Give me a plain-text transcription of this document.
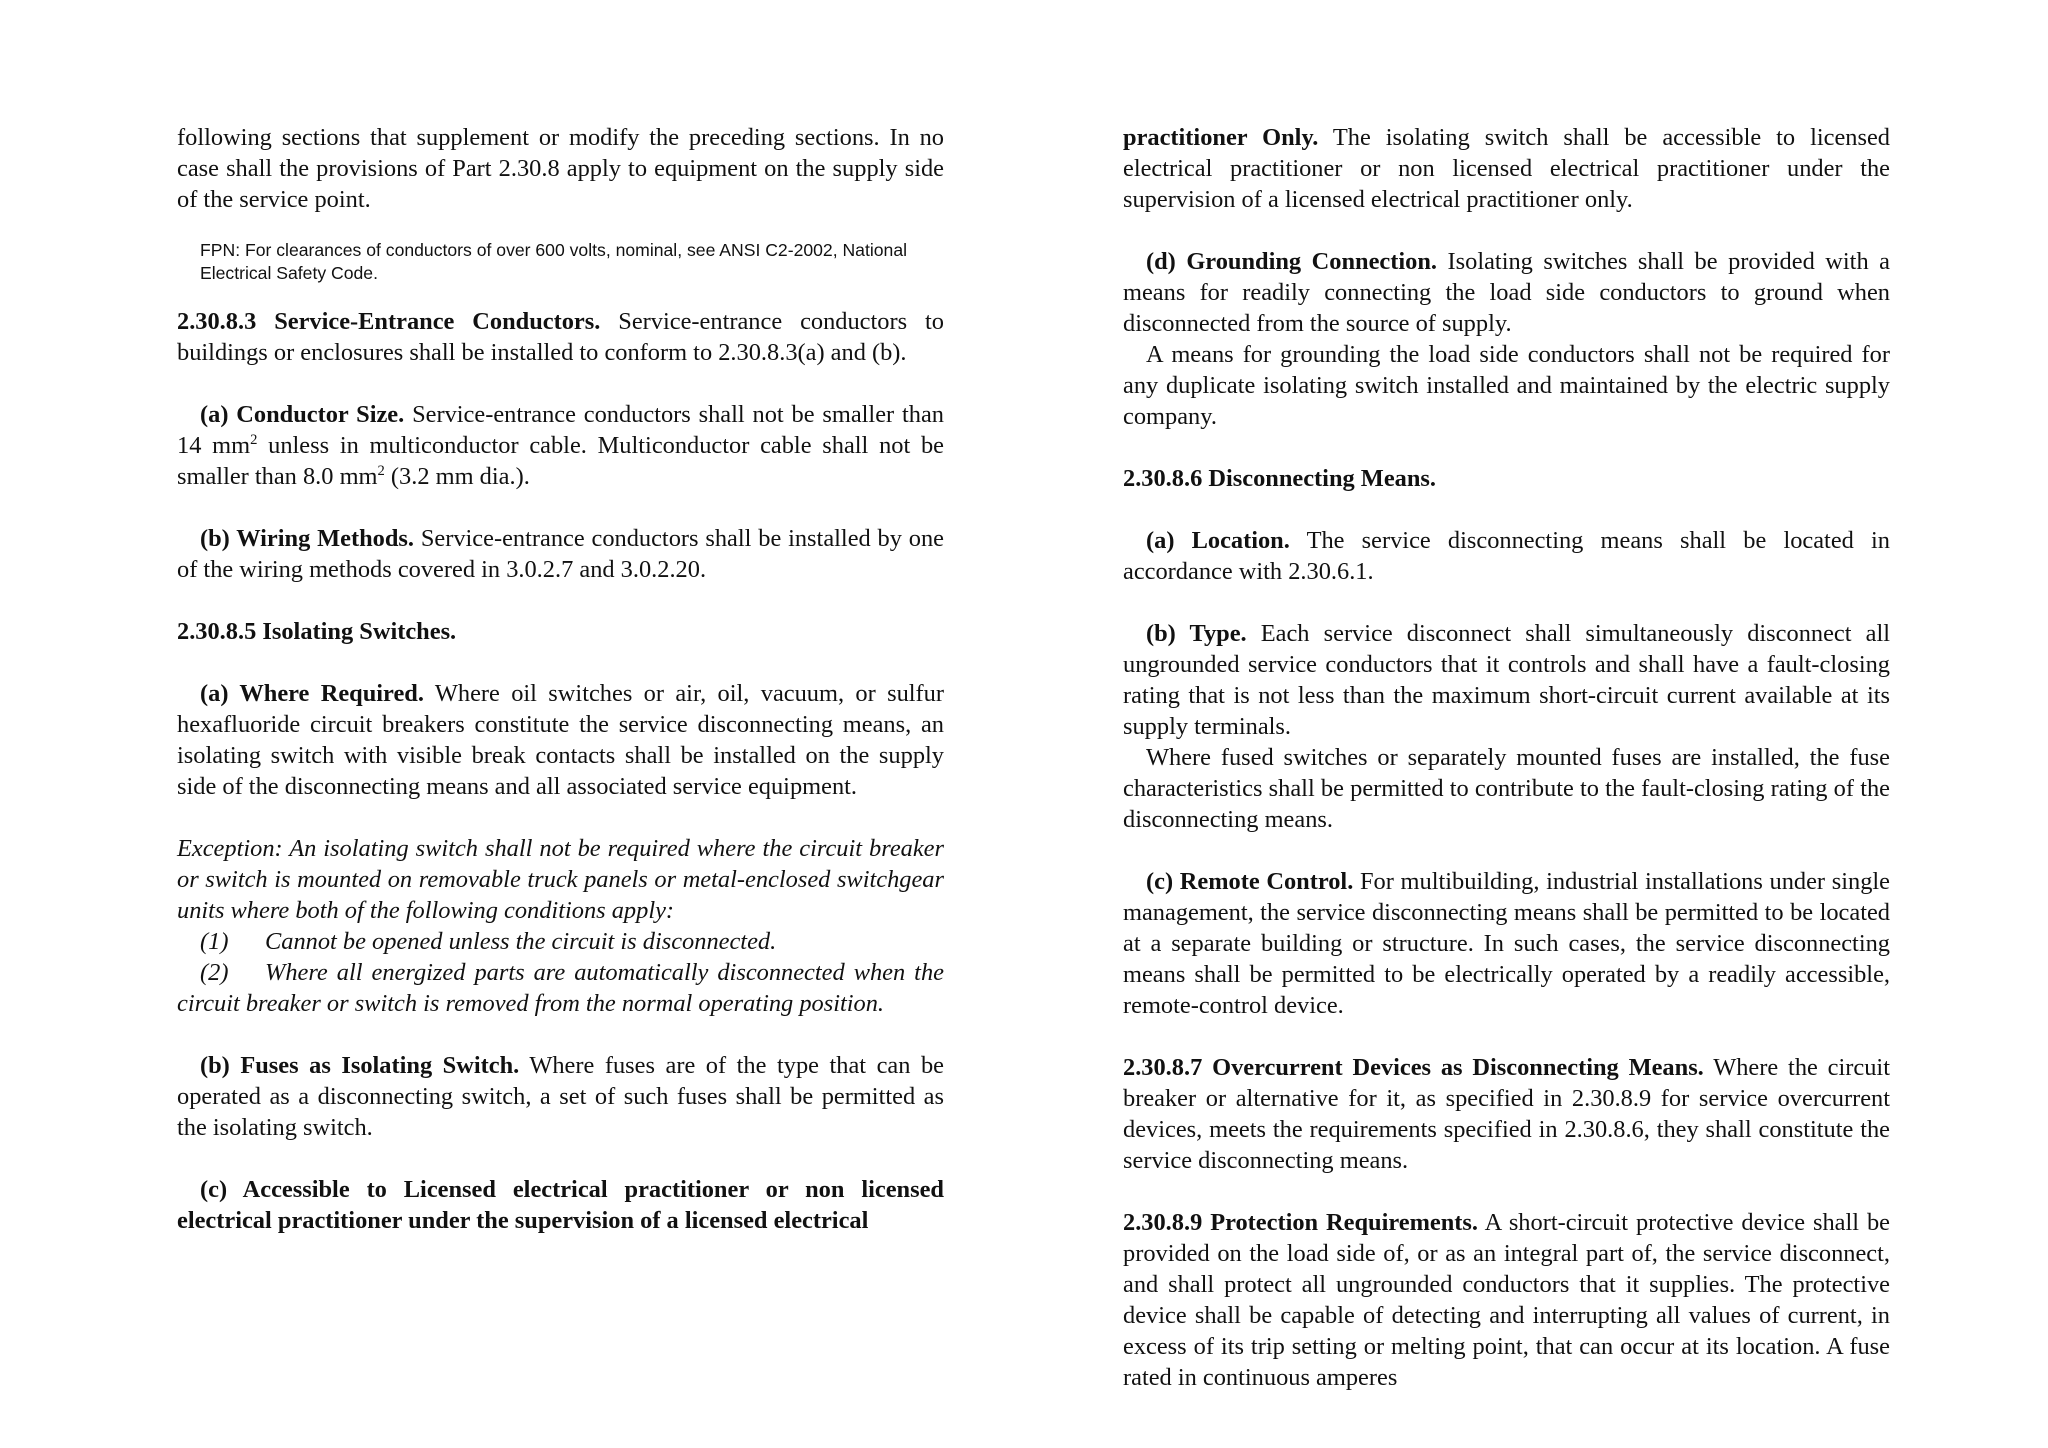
following sections that supplement or modify the preceding sections. In no case shall the provisions of Part 2.30.8 apply to equipment on the supply side of the service point.

FPN: For clearances of conductors of over 600 volts, nominal, see ANSI C2-2002, National Electrical Safety Code.

2.30.8.3 Service-Entrance Conductors. Service-entrance conductors to buildings or enclosures shall be installed to conform to 2.30.8.3(a) and (b).

(a) Conductor Size. Service-entrance conductors shall not be smaller than 14 $mm^2$ unless in multiconductor cable. Multiconductor cable shall not be smaller than 8.0 $mm^2$ (3.2 mm dia.).

(b) Wiring Methods. Service-entrance conductors shall be installed by one of the wiring methods covered in 3.0.2.7 and 3.0.2.20.

2.30.8.5 Isolating Switches.

(a) Where Required. Where oil switches or air, oil, vacuum, or sulfur hexafluoride circuit breakers constitute the service disconnecting means, an isolating switch with visible break contacts shall be installed on the supply side of the disconnecting means and all associated service equipment.

Exception: An isolating switch shall not be required where the circuit breaker or switch is mounted on removable truck panels or metal-enclosed switchgear units where both of the following conditions apply:

(1) Cannot be opened unless the circuit is disconnected.

(2) Where all energized parts are automatically disconnected when the circuit breaker or switch is removed from the normal operating position.

(b) Fuses as Isolating Switch. Where fuses are of the type that can be operated as a disconnecting switch, a set of such fuses shall be permitted as the isolating switch.

(c) Accessible to Licensed electrical practitioner or non licensed electrical practitioner under the supervision of a licensed electrical

practitioner Only. The isolating switch shall be accessible to licensed electrical practitioner or non licensed electrical practitioner under the supervision of a licensed electrical practitioner only.

(d) Grounding Connection. Isolating switches shall be provided with a means for readily connecting the load side conductors to ground when disconnected from the source of supply.

A means for grounding the load side conductors shall not be required for any duplicate isolating switch installed and maintained by the electric supply company.

2.30.8.6 Disconnecting Means.

(a) Location. The service disconnecting means shall be located in accordance with 2.30.6.1.

(b) Type. Each service disconnect shall simultaneously disconnect all ungrounded service conductors that it controls and shall have a fault-closing rating that is not less than the maximum short-circuit current available at its supply terminals.

Where fused switches or separately mounted fuses are installed, the fuse characteristics shall be permitted to contribute to the fault-closing rating of the disconnecting means.

(c) Remote Control. For multibuilding, industrial installations under single management, the service disconnecting means shall be permitted to be located at a separate building or structure. In such cases, the service disconnecting means shall be permitted to be electrically operated by a readily accessible, remote-control device.

2.30.8.7 Overcurrent Devices as Disconnecting Means. Where the circuit breaker or alternative for it, as specified in 2.30.8.9 for service overcurrent devices, meets the requirements specified in 2.30.8.6, they shall constitute the service disconnecting means.

2.30.8.9 Protection Requirements. A short-circuit protective device shall be provided on the load side of, or as an integral part of, the service disconnect, and shall protect all ungrounded conductors that it supplies. The protective device shall be capable of detecting and interrupting all values of current, in excess of its trip setting or melting point, that can occur at its location. A fuse rated in continuous amperes
